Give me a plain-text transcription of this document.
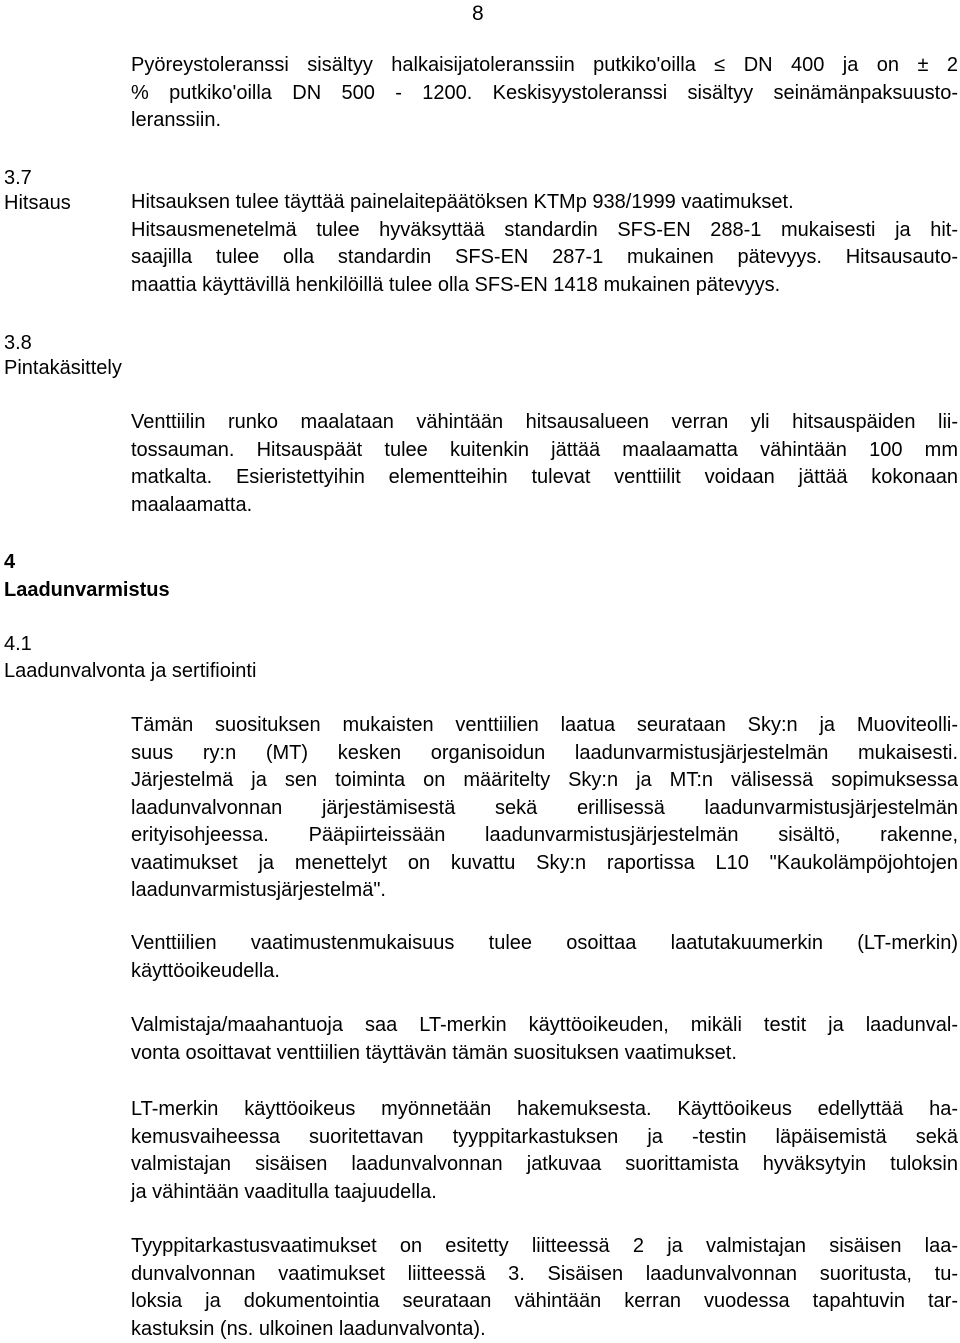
8
Pyöreystoleranssi sisältyy halkaisijatoleranssiin putkiko'oilla ≤ DN 400 ja on ± 2
% putkiko'oilla DN 500 - 1200. Keskisyystoleranssi sisältyy seinämänpaksuusto-
leranssiin.
3.7
Hitsaus	Hitsauksen tulee täyttää painelaitepäätöksen KTMp 938/1999 vaatimukset.
Hitsausmenetelmä tulee hyväksyttää standardin SFS-EN 288-1 mukaisesti ja hit-
saajilla tulee olla standardin SFS-EN 287-1 mukainen pätevyys. Hitsausauto-
maattia käyttävillä henkilöillä tulee olla SFS-EN 1418 mukainen pätevyys.
3.8
Pintakäsittely
Venttiilin runko maalataan vähintään hitsausalueen verran yli hitsauspäiden lii-
tossauman. Hitsauspäät tulee kuitenkin jättää maalaamatta vähintään 100 mm
matkalta. Esieristettyihin elementteihin tulevat venttiilit voidaan jättää kokonaan
maalaamatta.
4
Laadunvarmistus
4.1
Laadunvalvonta ja sertifiointi
Tämän suosituksen mukaisten venttiilien laatua seurataan Sky:n ja Muoviteolli-
suus ry:n (MT) kesken organisoidun laadunvarmistusjärjestelmän mukaisesti.
Järjestelmä ja sen toiminta on määritelty Sky:n ja MT:n välisessä sopimuksessa
laadunvalvonnan järjestämisestä sekä erillisessä laadunvarmistusjärjestelmän
erityisohjeessa. Pääpiirteissään laadunvarmistusjärjestelmän sisältö, rakenne,
vaatimukset ja menettelyt on kuvattu Sky:n raportissa L10 "Kaukolämpöjohtojen
laadunvarmistusjärjestelmä".
Venttiilien vaatimustenmukaisuus tulee osoittaa laatutakuumerkin (LT-merkin)
käyttöoikeudella.
Valmistaja/maahantuoja saa LT-merkin käyttöoikeuden, mikäli testit ja laadunval-
vonta osoittavat venttiilien täyttävän tämän suosituksen vaatimukset.
LT-merkin käyttöoikeus myönnetään hakemuksesta. Käyttöoikeus edellyttää ha-
kemusvaiheessa suoritettavan tyyppitarkastuksen ja -testin läpäisemistä sekä
valmistajan sisäisen laadunvalvonnan jatkuvaa suorittamista hyväksytyin tuloksin
ja vähintään vaaditulla taajuudella.
Tyyppitarkastusvaatimukset on esitetty liitteessä 2 ja valmistajan sisäisen laa-
dunvalvonnan vaatimukset liitteessä 3. Sisäisen laadunvalvonnan suoritusta, tu-
loksia ja dokumentointia seurataan vähintään kerran vuodessa tapahtuvin tar-
kastuksin (ns. ulkoinen laadunvalvonta).
